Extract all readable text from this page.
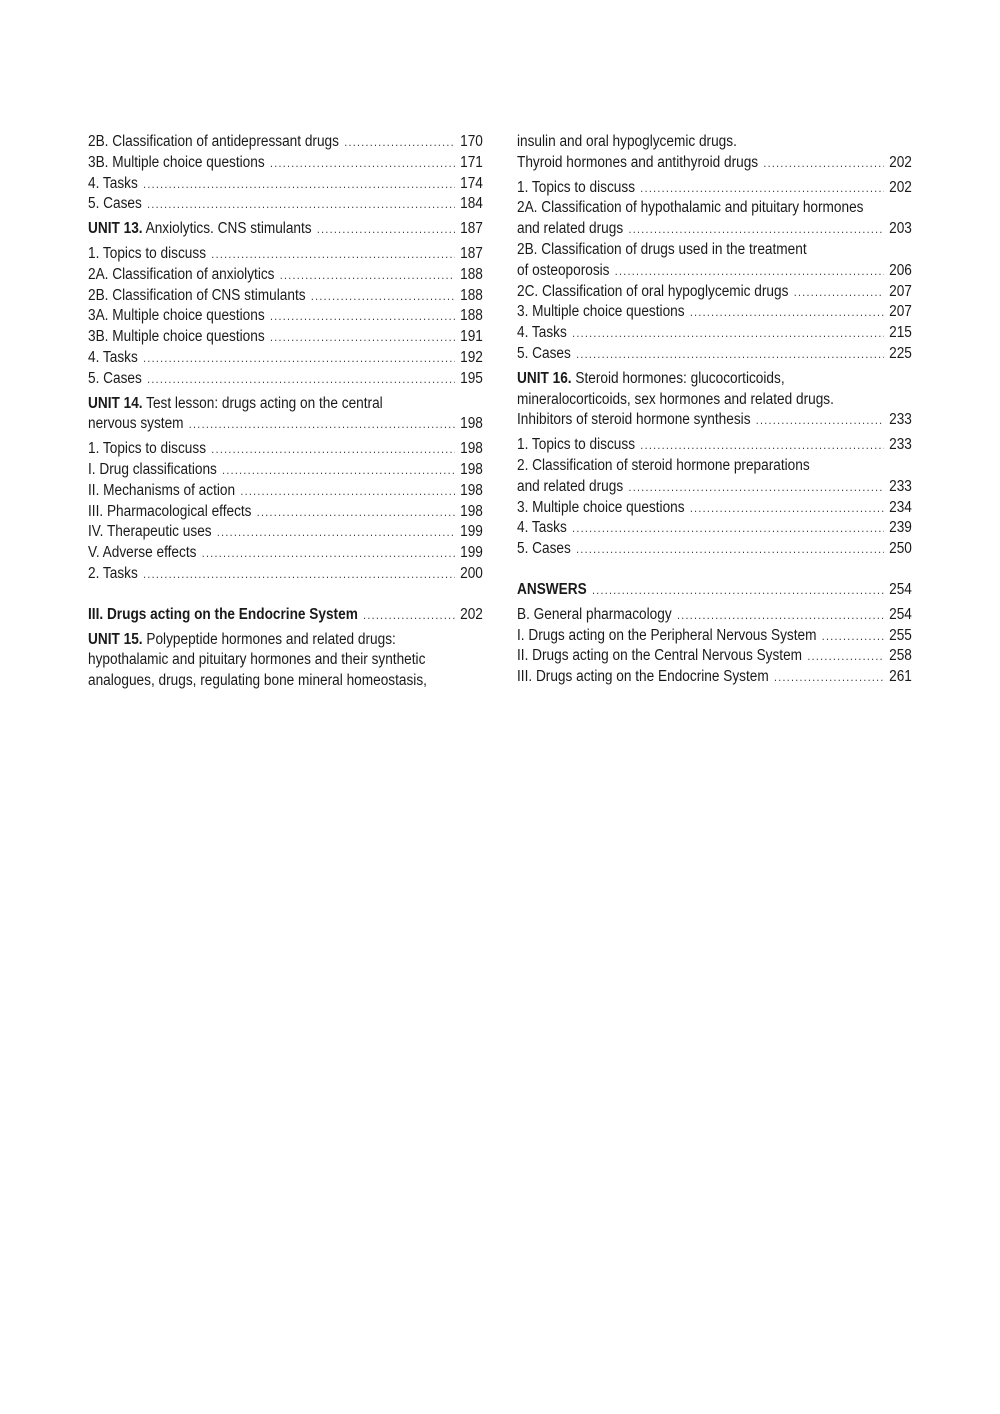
2B. Classification of antidepressant drugs .....	170
3B. Multiple choice questions .....	171
4. Tasks .....	174
5. Cases .....	184
UNIT 13. Anxiolytics. CNS stimulants .....	187
1. Topics to discuss .....	187
2A. Classification of anxiolytics .....	188
2B. Classification of CNS stimulants .....	188
3A. Multiple choice questions .....	188
3B. Multiple choice questions .....	191
4. Tasks .....	192
5. Cases .....	195
UNIT 14. Test lesson: drugs acting on the central
nervous system .....	198
1. Topics to discuss .....	198
I. Drug classifications .....	198
II. Mechanisms of action .....	198
III. Pharmacological effects .....	198
IV. Therapeutic uses .....	199
V. Adverse effects .....	199
2. Tasks .....	200
III. Drugs acting on the Endocrine System .....	202
UNIT 15. Polypeptide hormones and related drugs:
hypothalamic and pituitary hormones and their synthetic
analogues, drugs, regulating bone mineral homeostasis,
insulin and oral hypoglycemic drugs.
Thyroid hormones and antithyroid drugs .....	202
1. Topics to discuss .....	202
2A. Classification of hypothalamic and pituitary hormones
and related drugs .....	203
2B. Classification of drugs used in the treatment
of osteoporosis .....	206
2C. Classification of oral hypoglycemic drugs .....	207
3. Multiple choice questions .....	207
4. Tasks .....	215
5. Cases .....	225
UNIT 16. Steroid hormones: glucocorticoids,
mineralocorticoids, sex hormones and related drugs.
Inhibitors of steroid hormone synthesis .....	233
1. Topics to discuss .....	233
2. Classification of steroid hormone preparations
and related drugs .....	233
3. Multiple choice questions .....	234
4. Tasks .....	239
5. Cases .....	250
ANSWERS .....	254
B. General pharmacology .....	254
I. Drugs acting on the Peripheral Nervous System .....	255
II. Drugs acting on the Central Nervous System .....	258
III. Drugs acting on the Endocrine System .....	261
